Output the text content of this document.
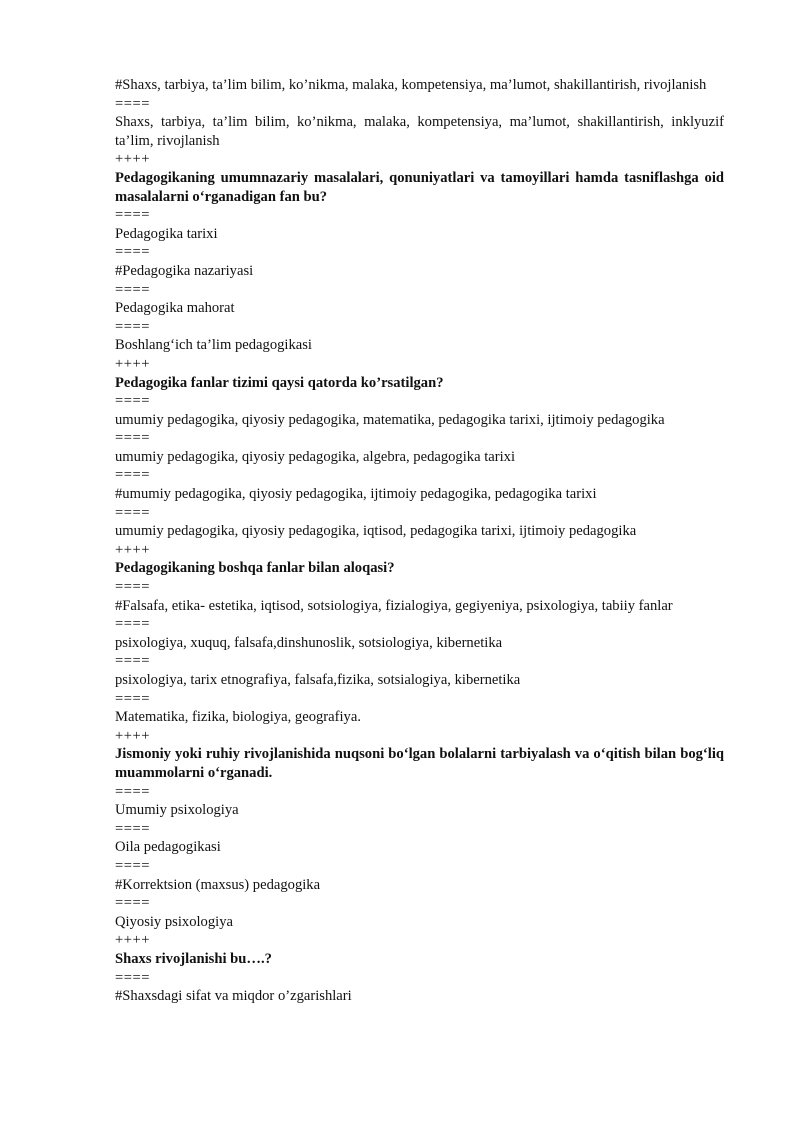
#Shaxs, tarbiya, ta’lim bilim, ko’nikma, malaka, kompetensiya, ma’lumot, shakillantirish, rivojlanish

====

Shaxs, tarbiya, ta’lim bilim, ko’nikma, malaka, kompetensiya, ma’lumot, shakillantirish, inklyuzif ta’lim, rivojlanish

++++

Pedagogikaning umumnazariy masalalari, qonuniyatlari va tamoyillari hamda tasniflashga oid masalalarni o‘rganadigan fan bu?

====

Pedagogika tarixi

====

#Pedagogika nazariyasi

====

Pedagogika mahorat

====

Boshlang‘ich ta’lim pedagogikasi

++++

Pedagogika fanlar tizimi qaysi qatorda ko’rsatilgan?

====

umumiy pedagogika, qiyosiy pedagogika, matematika, pedagogika tarixi, ijtimoiy pedagogika

====

umumiy pedagogika, qiyosiy pedagogika, algebra, pedagogika tarixi

====

#umumiy pedagogika, qiyosiy pedagogika, ijtimoiy pedagogika, pedagogika tarixi

====

umumiy pedagogika, qiyosiy pedagogika, iqtisod, pedagogika tarixi, ijtimoiy pedagogika

++++

Pedagogikaning boshqa fanlar bilan aloqasi?

====

#Falsafa, etika- estetika, iqtisod, sotsiologiya, fizialogiya, gegiyeniya, psixologiya, tabiiy fanlar

====

psixologiya, xuquq, falsafa,dinshunoslik, sotsiologiya, kibernetika

====

psixologiya, tarix etnografiya, falsafa,fizika, sotsialogiya, kibernetika

====

Matematika, fizika, biologiya, geografiya.

++++

Jismoniy yoki ruhiy rivojlanishida nuqsoni bo‘lgan bolalarni tarbiyalash va o‘qitish bilan bog‘liq muammolarni o‘rganadi.

====

Umumiy psixologiya

====

Oila pedagogikasi

====

#Korrektsion (maxsus) pedagogika

====

Qiyosiy psixologiya

++++

Shaxs rivojlanishi bu….?

====

#Shaxsdagi sifat va miqdor o’zgarishlari
